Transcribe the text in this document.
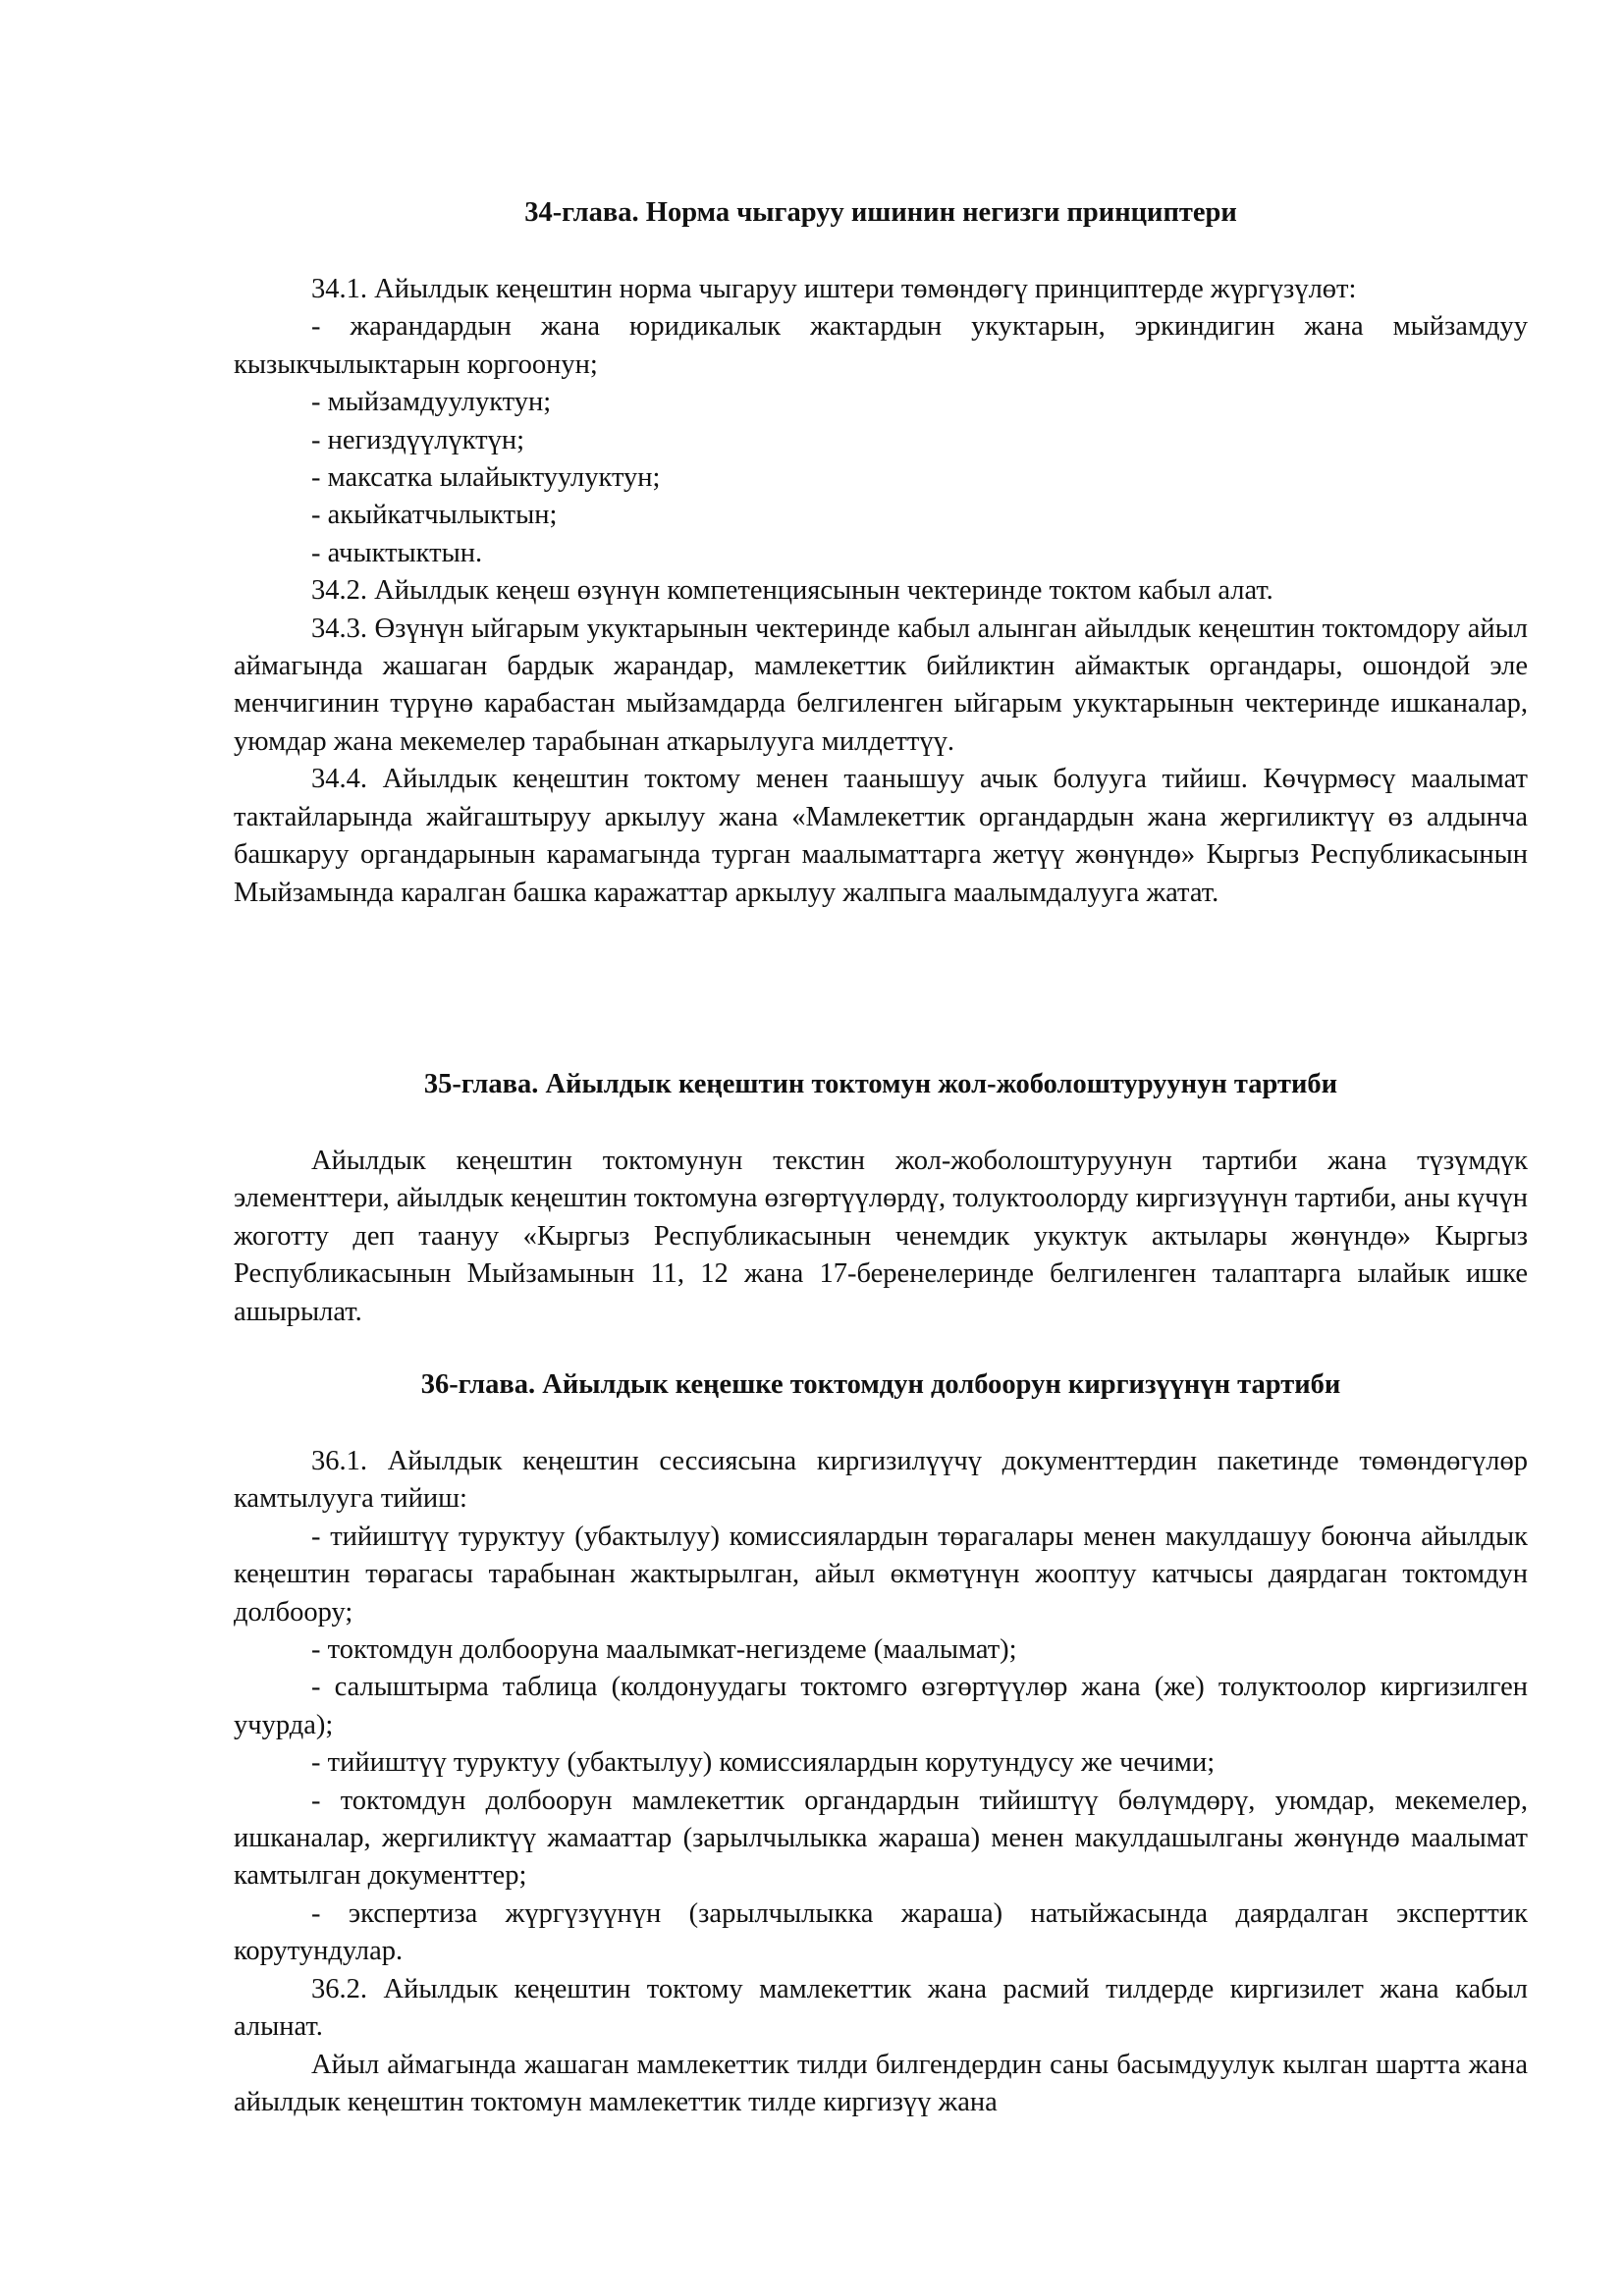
34-глава. Норма чыгаруу ишинин негизги принциптери

34.1. Айылдык кеңештин норма чыгаруу иштери төмөндөгү принциптерде жүргүзүлөт:

- жарандардын жана юридикалык жактардын укуктарын, эркиндигин жана мыйзамдуу кызыкчылыктарын коргоонун;

- мыйзамдуулуктун;

- негиздүүлүктүн;

- максатка ылайыктуулуктун;

- акыйкатчылыктын;

- ачыктыктын.

34.2. Айылдык кеңеш өзүнүн компетенциясынын чектеринде токтом кабыл алат.

34.3. Өзүнүн ыйгарым укуктарынын чектеринде кабыл алынган айылдык кеңештин токтомдору айыл аймагында жашаган бардык жарандар, мамлекеттик бийликтин аймактык органдары, ошондой эле менчигинин түрүнө карабастан мыйзамдарда белгиленген ыйгарым укуктарынын чектеринде ишканалар, уюмдар жана мекемелер тарабынан аткарылууга милдеттүү.

34.4. Айылдык кеңештин токтому менен таанышуу ачык болууга тийиш. Көчүрмөсү маалымат тактайларында жайгаштыруу аркылуу жана «Мамлекеттик органдардын жана жергиликтүү өз алдынча башкаруу органдарынын карамагында турган маалыматтарга жетүү жөнүндө» Кыргыз Республикасынын Мыйзамында каралган башка каражаттар аркылуу жалпыга маалымдалууга жатат.

35-глава. Айылдык кеңештин токтомун жол-жоболоштуруунун тартиби

Айылдык кеңештин токтомунун текстин жол-жоболоштуруунун тартиби жана түзүмдүк элементтери, айылдык кеңештин токтомуна өзгөртүүлөрдү, толуктоолорду киргизүүнүн тартиби, аны күчүн жоготту деп таануу «Кыргыз Республикасынын ченемдик укуктук актылары жөнүндө» Кыргыз Республикасынын Мыйзамынын 11, 12 жана 17-беренелеринде белгиленген талаптарга ылайык ишке ашырылат.

36-глава. Айылдык кеңешке токтомдун долбоорун киргизүүнүн тартиби

36.1. Айылдык кеңештин сессиясына киргизилүүчү документтердин пакетинде төмөндөгүлөр камтылууга тийиш:

- тийиштүү туруктуу (убактылуу) комиссиялардын төрагалары менен макулдашуу боюнча айылдык кеңештин төрагасы тарабынан жактырылган, айыл өкмөтүнүн жооптуу катчысы даярдаган токтомдун долбоору;

- токтомдун долбооруна маалымкат-негиздеме (маалымат);

- салыштырма таблица (колдонуудагы токтомго өзгөртүүлөр жана (же) толуктоолор киргизилген учурда);

- тийиштүү туруктуу (убактылуу) комиссиялардын корутундусу же чечими;

- токтомдун долбоорун мамлекеттик органдардын тийиштүү бөлүмдөрү, уюмдар, мекемелер, ишканалар, жергиликтүү жамааттар (зарылчылыкка жараша) менен макулдашылганы жөнүндө маалымат камтылган документтер;

- экспертиза жүргүзүүнүн (зарылчылыкка жараша) натыйжасында даярдалган эксперттик корутундулар.

36.2. Айылдык кеңештин токтому мамлекеттик жана расмий тилдерде киргизилет жана кабыл алынат.

Айыл аймагында жашаган мамлекеттик тилди билгендердин саны басымдуулук кылган шартта жана айылдык кеңештин токтомун мамлекеттик тилде киргизүү жана
